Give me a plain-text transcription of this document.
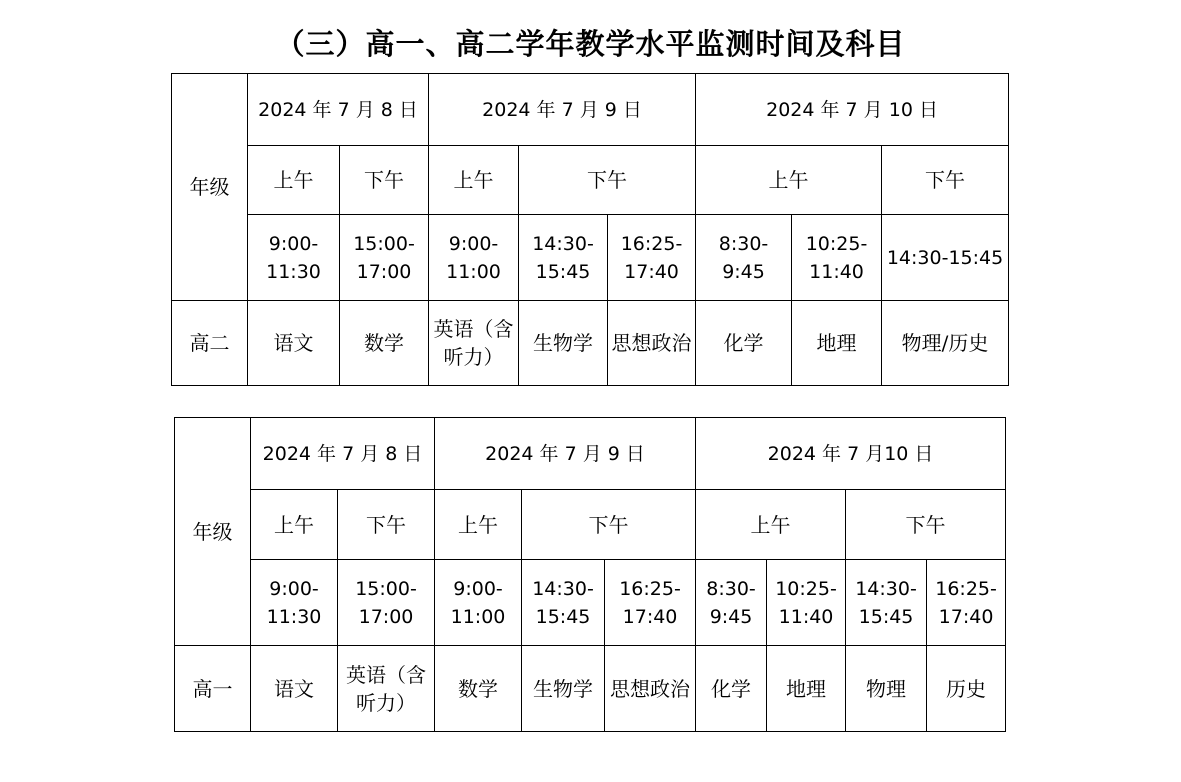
（三）高一、高二学年教学水平监测时间及科目
年级	2024 年 7 月 8 日		2024 年 7 月 9 日			2024 年 7 月 10 日		
	上午	下午	上午	下午		上午		下午
	9:00-11:30	15:00-17:00	9:00-11:00	14:30-15:45	16:25-17:40	8:30-9:45	10:25-11:40	14:30-15:45
高二	语文	数学	英语（含听力）	生物学	思想政治	化学	地理	物理/历史
年级	2024 年 7 月 8 日		2024 年 7 月 9 日			2024 年 7 月10 日			
	上午	下午	上午	下午		上午		下午	
	9:00-11:30	15:00-17:00	9:00-11:00	14:30-15:45	16:25-17:40	8:30-9:45	10:25-11:40	14:30-15:45	16:25-17:40
高一	语文	英语（含听力）	数学	生物学	思想政治	化学	地理	物理	历史
